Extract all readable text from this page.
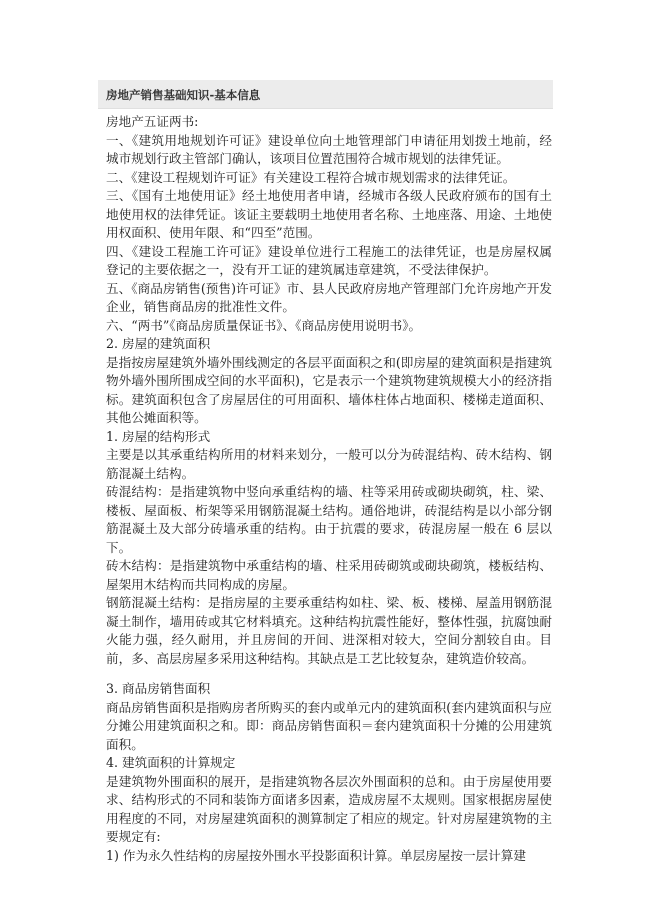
房地产销售基础知识-基本信息

房地产五证两书:

一、《建筑用地规划许可证》建设单位向土地管理部门申请征用划拨土地前，经城市规划行政主管部门确认，该项目位置范围符合城市规划的法律凭证。

二、《建设工程规划许可证》有关建设工程符合城市规划需求的法律凭证。

三、《国有土地使用证》经土地使用者申请，经城市各级人民政府颁布的国有土地使用权的法律凭证。该证主要载明土地使用者名称、土地座落、用途、土地使用权面积、使用年限、和“四至”范围。

四、《建设工程施工许可证》建设单位进行工程施工的法律凭证，也是房屋权属登记的主要依据之一，没有开工证的建筑属违章建筑，不受法律保护。

五、《商品房销售(预售)许可证》市、县人民政府房地产管理部门允许房地产开发企业，销售商品房的批准性文件。

六、“两书”《商品房质量保证书》、《商品房使用说明书》。

2. 房屋的建筑面积

是指按房屋建筑外墙外围线测定的各层平面面积之和(即房屋的建筑面积是指建筑物外墙外围所围成空间的水平面积)，它是表示一个建筑物建筑规模大小的经济指标。建筑面积包含了房屋居住的可用面积、墙体柱体占地面积、楼梯走道面积、其他公摊面积等。

1. 房屋的结构形式

主要是以其承重结构所用的材料来划分，一般可以分为砖混结构、砖木结构、钢筋混凝土结构。

砖混结构：是指建筑物中竖向承重结构的墙、柱等采用砖或砌块砌筑，柱、梁、楼板、屋面板、桁架等采用钢筋混凝土结构。通俗地讲，砖混结构是以小部分钢筋混凝土及大部分砖墙承重的结构。由于抗震的要求，砖混房屋一般在 6 层以下。

砖木结构：是指建筑物中承重结构的墙、柱采用砖砌筑或砌块砌筑，楼板结构、屋架用木结构而共同构成的房屋。

钢筋混凝土结构：是指房屋的主要承重结构如柱、梁、板、楼梯、屋盖用钢筋混凝土制作，墙用砖或其它材料填充。这种结构抗震性能好，整体性强，抗腐蚀耐火能力强，经久耐用，并且房间的开间、进深相对较大，空间分割较自由。目前，多、高层房屋多采用这种结构。其缺点是工艺比较复杂，建筑造价较高。

3. 商品房销售面积

商品房销售面积是指购房者所购买的套内或单元内的建筑面积(套内建筑面积与应分摊公用建筑面积之和。即：商品房销售面积＝套内建筑面积十分摊的公用建筑面积。

4. 建筑面积的计算规定

是建筑物外围面积的展开，是指建筑物各层次外围面积的总和。由于房屋使用要求、结构形式的不同和装饰方面诸多因素，造成房屋不太规则。国家根据房屋使用程度的不同，对房屋建筑面积的测算制定了相应的规定。针对房屋建筑物的主要规定有:

1) 作为永久性结构的房屋按外围水平投影面积计算。单层房屋按一层计算建
